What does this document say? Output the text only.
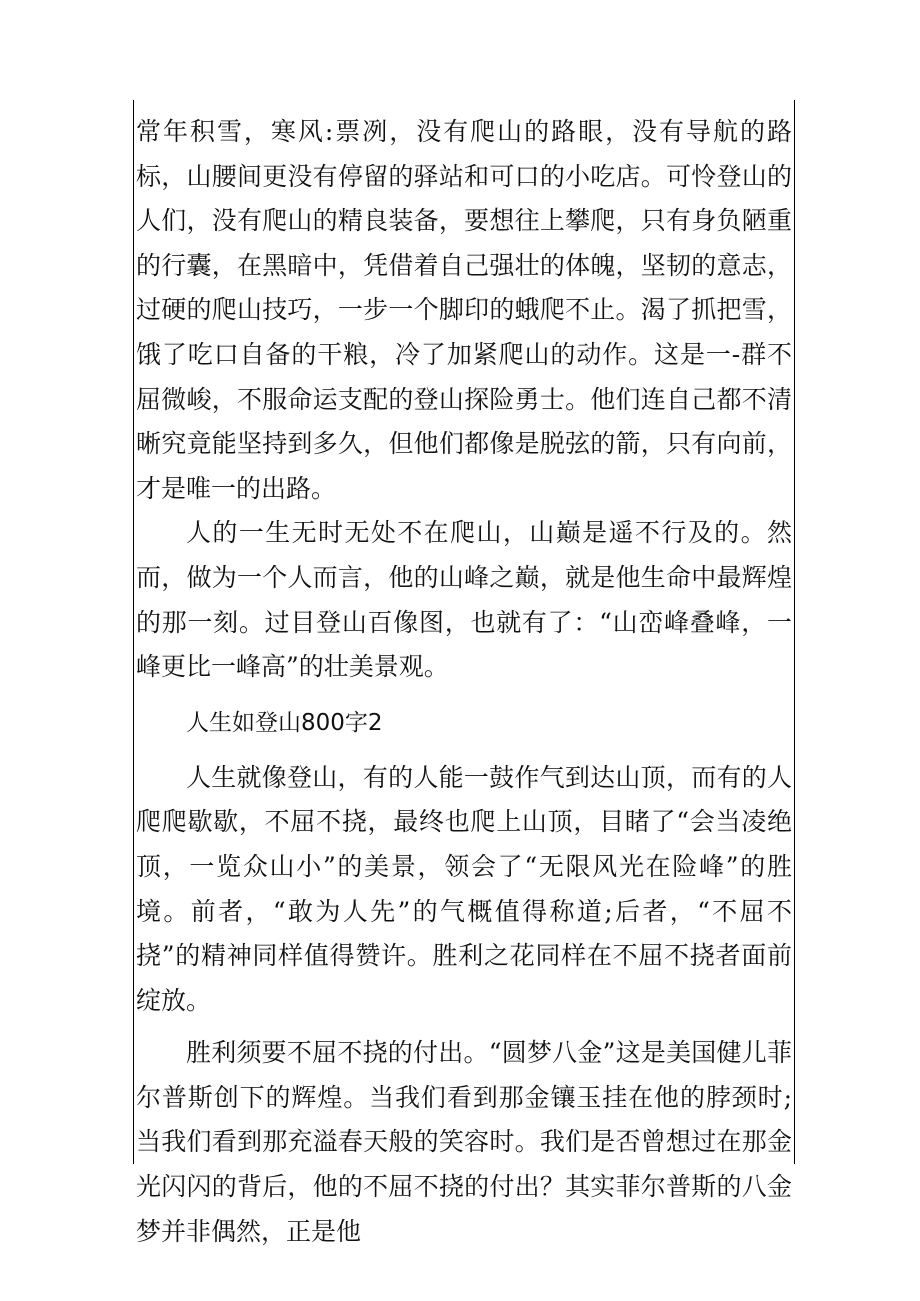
常年积雪，寒风:票冽，没有爬山的路眼，没有导航的路标，山腰间更没有停留的驿站和可口的小吃店。可怜登山的人们，没有爬山的精良装备，要想往上攀爬，只有身负陋重的行囊，在黑暗中，凭借着自己强壮的体魄，坚韧的意志，过硬的爬山技巧，一步一个脚印的蛾爬不止。渴了抓把雪，饿了吃口自备的干粮，冷了加紧爬山的动作。这是一-群不屈微峻，不服命运支配的登山探险勇士。他们连自己都不清晰究竟能坚持到多久，但他们都像是脱弦的箭，只有向前，才是唯一的出路。

人的一生无时无处不在爬山，山巅是遥不行及的。然而，做为一个人而言，他的山峰之巅，就是他生命中最辉煌的那一刻。过目登山百像图，也就有了：“山峦峰叠峰，一峰更比一峰高”的壮美景观。

人生如登山800字2

人生就像登山，有的人能一鼓作气到达山顶，而有的人爬爬歇歇，不屈不挠，最终也爬上山顶，目睹了“会当凌绝顶，一览众山小”的美景，领会了“无限风光在险峰”的胜境。前者，“敢为人先”的气概值得称道;后者，“不屈不挠”的精神同样值得赞许。胜利之花同样在不屈不挠者面前绽放。

胜利须要不屈不挠的付出。“圆梦八金”这是美国健儿菲尔普斯创下的辉煌。当我们看到那金镶玉挂在他的脖颈时;当我们看到那充溢春天般的笑容时。我们是否曾想过在那金光闪闪的背后，他的不屈不挠的付出？其实菲尔普斯的八金梦并非偶然，正是他
